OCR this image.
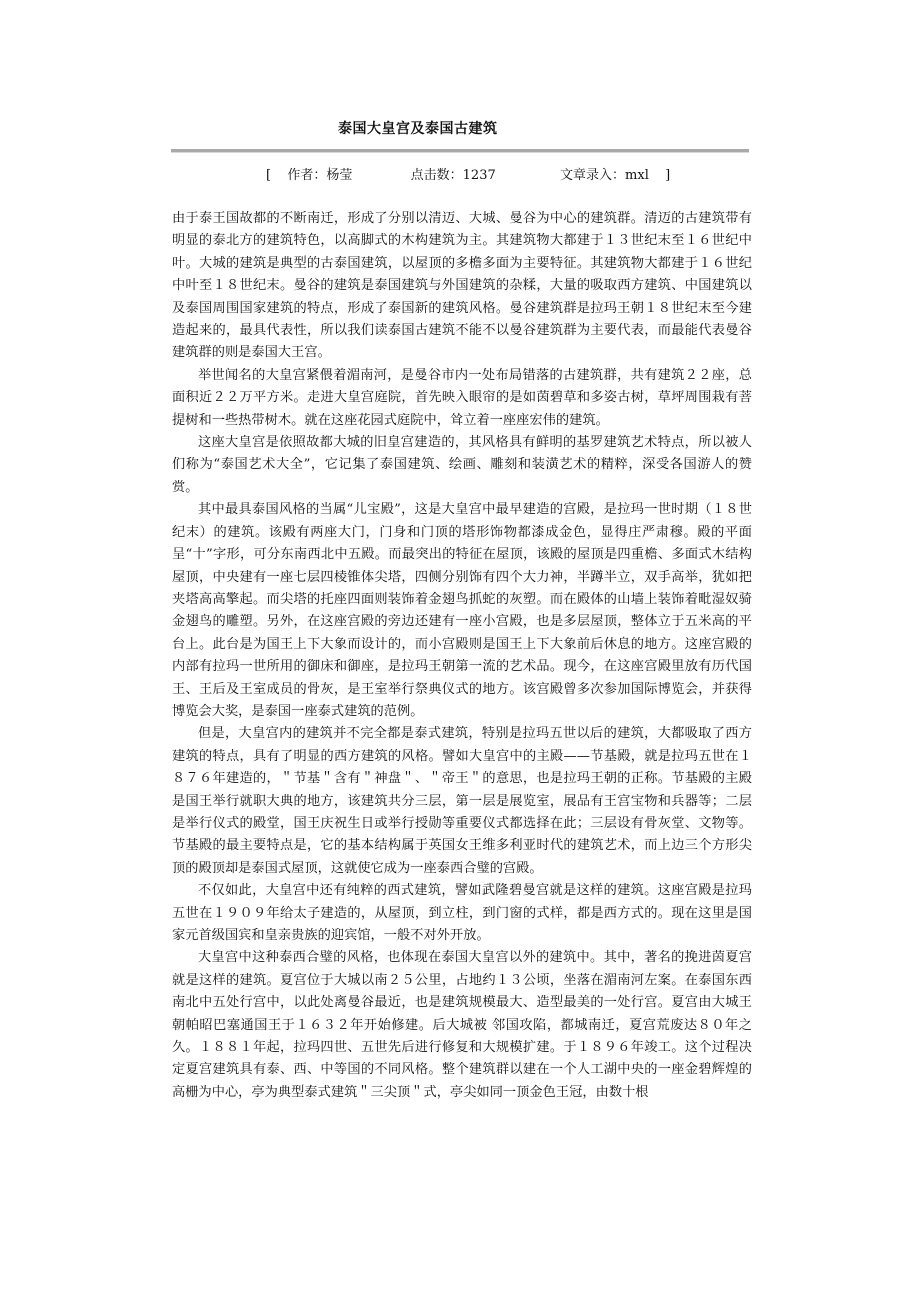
泰国大皇宫及泰国古建筑
[ 作者：杨莹	点击数：1237	文章录入：mxl ]

由于泰王国故都的不断南迁，形成了分别以清迈、大城、曼谷为中心的建筑群。清迈的古建筑带有明显的泰北方的建筑特色，以高脚式的木构建筑为主。其建筑物大都建于１３世纪末至１６世纪中叶。大城的建筑是典型的古泰国建筑，以屋顶的多檐多面为主要特征。其建筑物大都建于１６世纪中叶至１８世纪末。曼谷的建筑是泰国建筑与外国建筑的杂糅，大量的吸取西方建筑、中国建筑以及泰国周围国家建筑的特点，形成了泰国新的建筑风格。曼谷建筑群是拉玛王朝１８世纪末至今建造起来的，最具代表性，所以我们读泰国古建筑不能不以曼谷建筑群为主要代表，而最能代表曼谷建筑群的则是泰国大王宫。

举世闻名的大皇宫紧偎着湄南河，是曼谷市内一处布局错落的古建筑群，共有建筑２２座，总面积近２２万平方米。走进大皇宫庭院，首先映入眼帘的是如茵碧草和多姿古树，草坪周围栽有菩提树和一些热带树木。就在这座花园式庭院中，耸立着一座座宏伟的建筑。

这座大皇宫是依照故都大城的旧皇宫建造的，其风格具有鲜明的基罗建筑艺术特点，所以被人们称为“泰国艺术大全”，它记集了泰国建筑、绘画、雕刻和装潢艺术的精粹，深受各国游人的赞赏。

其中最具泰国风格的当属“儿宝殿”，这是大皇宫中最早建造的宫殿，是拉玛一世时期（１８世纪末）的建筑。该殿有两座大门，门身和门顶的塔形饰物都漆成金色，显得庄严肃穆。殿的平面呈“十”字形，可分东南西北中五殿。而最突出的特征在屋顶，该殿的屋顶是四重檐、多面式木结构屋顶，中央建有一座七层四棱锥体尖塔，四侧分别饰有四个大力神，半蹲半立，双手高举，犹如把夹塔高高擎起。而尖塔的托座四面则装饰着金翅鸟抓蛇的灰塑。而在殿体的山墙上装饰着毗湿奴骑金翅鸟的雕塑。另外，在这座宫殿的旁边还建有一座小宫殿，也是多层屋顶，整体立于五米高的平台上。此台是为国王上下大象而设计的，而小宫殿则是国王上下大象前后休息的地方。这座宫殿的内部有拉玛一世所用的御床和御座，是拉玛王朝第一流的艺术品。现今，在这座宫殿里放有历代国王、王后及王室成员的骨灰，是王室举行祭典仪式的地方。该宫殿曾多次参加国际博览会，并获得博览会大奖，是泰国一座泰式建筑的范例。

但是，大皇宫内的建筑并不完全都是泰式建筑，特别是拉玛五世以后的建筑，大都吸取了西方建筑的特点，具有了明显的西方建筑的风格。譬如大皇宫中的主殿——节基殿，就是拉玛五世在１８７６年建造的，＂节基＂含有＂神盘＂、＂帝王＂的意思，也是拉玛王朝的正称。节基殿的主殿是国王举行就职大典的地方，该建筑共分三层，第一层是展览室，展品有王宫宝物和兵器等；二层是举行仪式的殿堂，国王庆祝生日或举行授勋等重要仪式都选择在此；三层设有骨灰堂、文物等。节基殿的最主要特点是，它的基本结构属于英国女王维多利亚时代的建筑艺术，而上边三个方形尖顶的殿顶却是泰国式屋顶，这就使它成为一座泰西合璧的宫殿。

不仅如此，大皇宫中还有纯粹的西式建筑，譬如武隆碧曼宫就是这样的建筑。这座宫殿是拉玛五世在１９０９年给太子建造的，从屋顶，到立柱，到门窗的式样，都是西方式的。现在这里是国家元首级国宾和皇亲贵族的迎宾馆，一般不对外开放。

大皇宫中这种泰西合璧的风格，也体现在泰国大皇宫以外的建筑中。其中，著名的挽进茵夏宫就是这样的建筑。夏宫位于大城以南２５公里，占地约１３公顷，坐落在湄南河左案。在泰国东西南北中五处行宫中，以此处离曼谷最近，也是建筑规模最大、造型最美的一处行宫。夏宫由大城王朝帕昭巴塞通国王于１６３２年开始修建。后大城被 邻国攻陷，都城南迁，夏宫荒废达８０年之久。１８８１年起，拉玛四世、五世先后进行修复和大规模扩建。于１８９６年竣工。这个过程决定夏宫建筑具有泰、西、中等国的不同风格。整个建筑群以建在一个人工湖中央的一座金碧辉煌的高栅为中心，亭为典型泰式建筑＂三尖顶＂式，亭尖如同一顶金色王冠，由数十根
